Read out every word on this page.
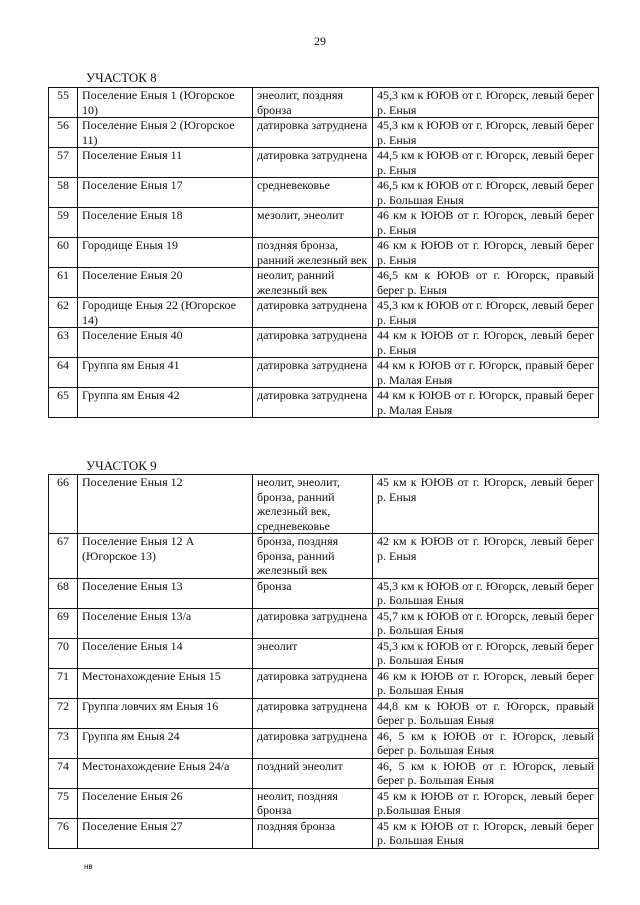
29
УЧАСТОК 8
55	Поселение Еныя 1 (Югорское 10)	энеолит, поздняя бронза	45,3 км к ЮЮВ от г. Югорск, левый берег р. Еныя
56	Поселение Еныя 2 (Югорское 11)	датировка затруднена	45,3 км к ЮЮВ от г. Югорск, левый берег р. Еныя
57	Поселение Еныя 11	датировка затруднена	44,5 км к ЮЮВ от г. Югорск, левый берег р. Еныя
58	Поселение Еныя 17	средневековье	46,5 км к ЮЮВ от г. Югорск, левый берег р. Большая Еныя
59	Поселение Еныя 18	мезолит, энеолит	46 км к ЮЮВ от г. Югорск, левый берег р. Еныя
60	Городище Еныя 19	поздняя бронза, ранний железный век	46 км к ЮЮВ от г. Югорск, левый берег р. Еныя
61	Поселение Еныя 20	неолит, ранний железный век	46,5 км к ЮЮВ от г. Югорск, правый берег р. Еныя
62	Городище Еныя 22 (Югорское 14)	датировка затруднена	45,3 км к ЮЮВ от г. Югорск, левый берег р. Еныя
63	Поселение Еныя 40	датировка затруднена	44 км к ЮЮВ от г. Югорск, левый берег р. Еныя
64	Группа ям Еныя 41	датировка затруднена	44 км к ЮЮВ от г. Югорск, правый берег р. Малая Еныя
65	Группа ям Еныя 42	датировка затруднена	44 км к ЮЮВ от г. Югорск, правый берег р. Малая Еныя
УЧАСТОК 9
66	Поселение Еныя 12	неолит, энеолит, бронза, ранний железный век, средневековье	45 км к ЮЮВ от г. Югорск, левый берег р. Еныя
67	Поселение Еныя 12 А (Югорское 13)	бронза, поздняя бронза, ранний железный век	42 км к ЮЮВ от г. Югорск, левый берег р. Еныя
68	Поселение Еныя 13	бронза	45,3 км к ЮЮВ от г. Югорск, левый берег р. Большая Еныя
69	Поселение Еныя 13/а	датировка затруднена	45,7 км к ЮЮВ от г. Югорск, левый берег р. Большая Еныя
70	Поселение Еныя 14	энеолит	45,3 км к ЮЮВ от г. Югорск, левый берег р. Большая Еныя
71	Местонахождение Еныя 15	датировка затруднена	46 км к ЮЮВ от г. Югорск, левый берег р. Большая Еныя
72	Группа ловчих ям Еныя 16	датировка затруднена	44,8 км к ЮЮВ от г. Югорск, правый берег р. Большая Еныя
73	Группа ям Еныя 24	датировка затруднена	46, 5 км к ЮЮВ от г. Югорск, левый берег р. Большая Еныя
74	Местонахождение Еныя 24/а	поздний энеолит	46, 5 км к ЮЮВ от г. Югорск, левый берег р. Большая Еныя
75	Поселение Еныя 26	неолит, поздняя бронза	45 км к ЮЮВ от г. Югорск, левый берег р.Большая Еныя
76	Поселение Еныя 27	поздняя бронза	45 км к ЮЮВ от г. Югорск, левый берег р. Большая Еныя
нв
